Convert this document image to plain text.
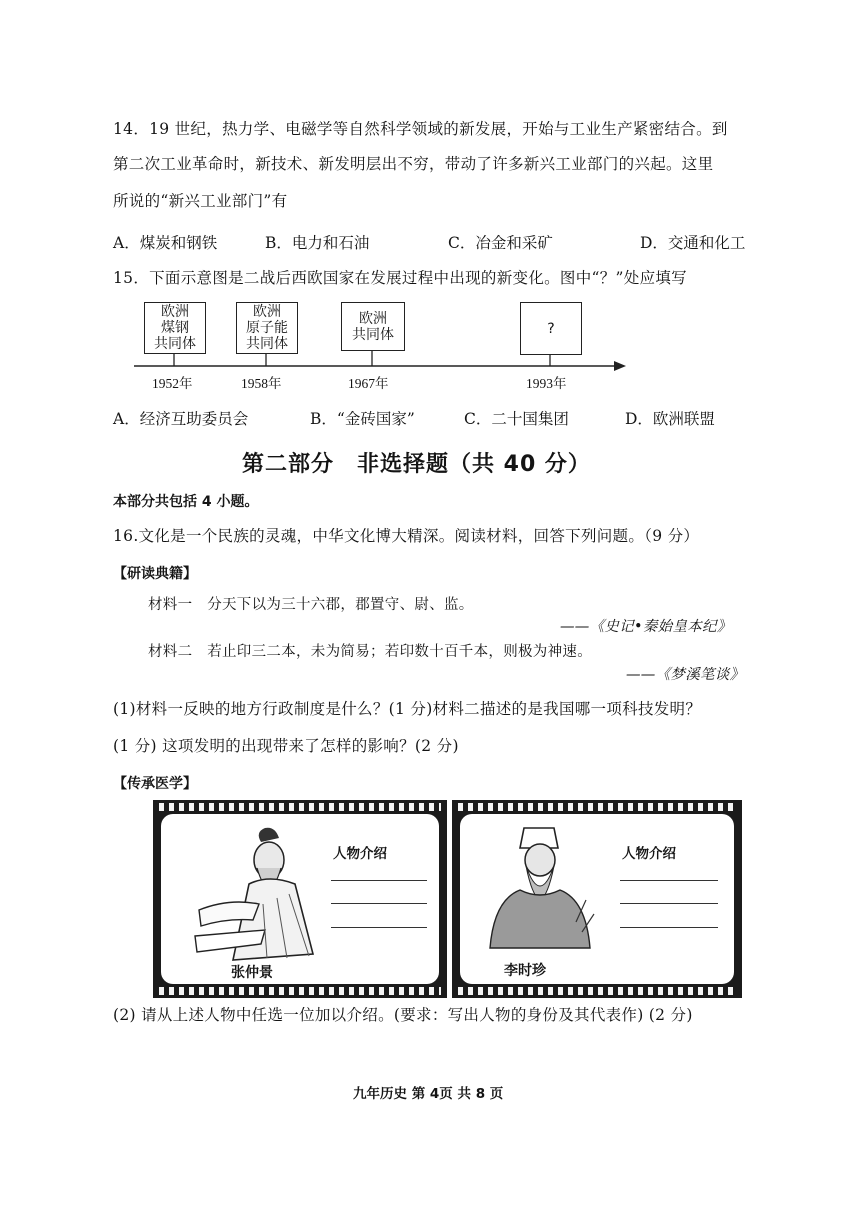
14．19 世纪，热力学、电磁学等自然科学领域的新发展，开始与工业生产紧密结合。到
第二次工业革命时，新技术、新发明层出不穷，带动了许多新兴工业部门的兴起。这里
所说的“新兴工业部门”有
A．煤炭和钢铁	B．电力和石油	C．冶金和采矿	D．交通和化工
15．下面示意图是二战后西欧国家在发展过程中出现的新变化。图中“？”处应填写
欧洲
煤钢
共同体
欧洲
原子能
共同体
欧洲
共同体	?
1952年	1958年	1967年	1993年
A．经济互助委员会	B．“金砖国家”	C．二十国集团	D．欧洲联盟
第二部分　非选择题（共 40 分）
本部分共包括 4 小题。
16.文化是一个民族的灵魂，中华文化博大精深。阅读材料，回答下列问题。（9 分）
【研读典籍】
材料一　分天下以为三十六郡，郡置守、尉、监。
——《史记•秦始皇本纪》
材料二　若止印三二本，未为简易；若印数十百千本，则极为神速。
——《梦溪笔谈》
(1)材料一反映的地方行政制度是什么？(1 分)材料二描述的是我国哪一项科技发明？
(1 分) 这项发明的出现带来了怎样的影响？(2 分)
【传承医学】
人物介绍
张仲景
人物介绍
李时珍
(2) 请从上述人物中任选一位加以介绍。(要求：写出人物的身份及其代表作) (2 分)
九年历史 第 4页 共 8 页
